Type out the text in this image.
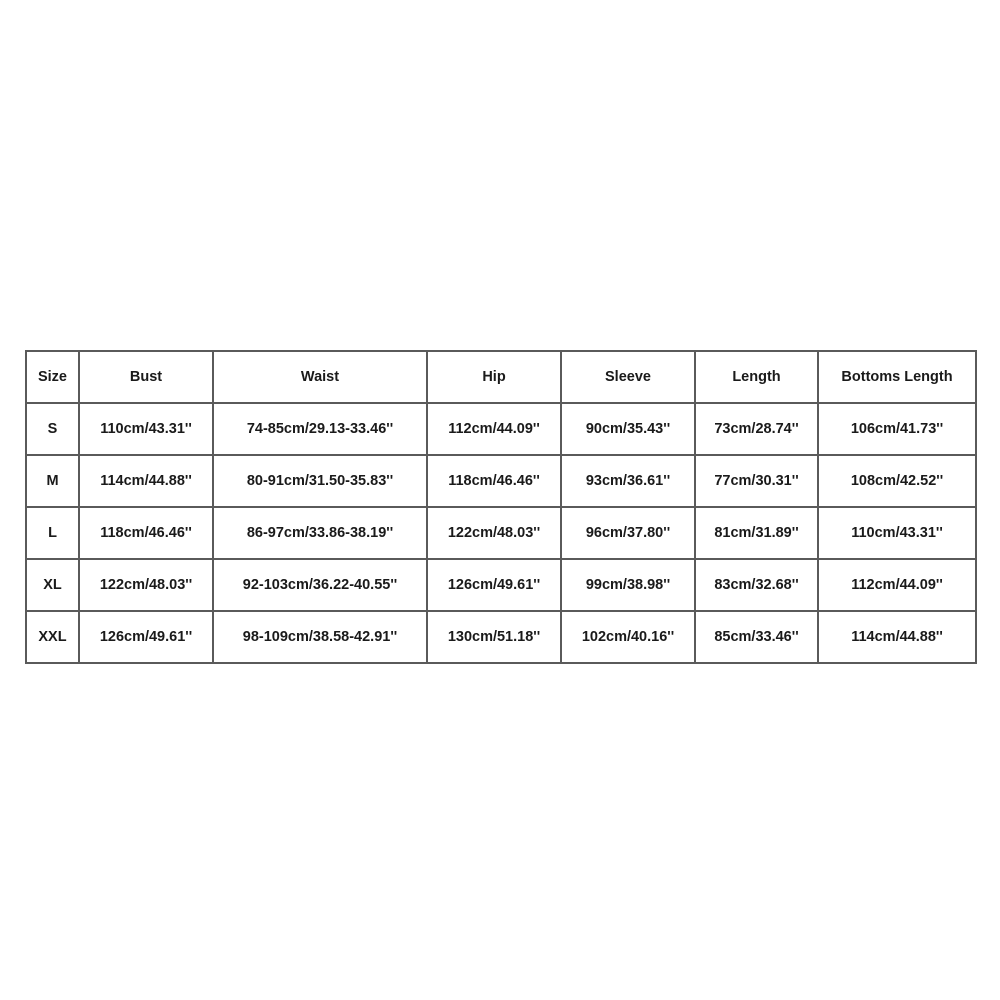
Size	Bust	Waist	Hip	Sleeve	Length	Bottoms Length
S	110cm/43.31''	74-85cm/29.13-33.46''	112cm/44.09''	90cm/35.43''	73cm/28.74''	106cm/41.73''
M	114cm/44.88''	80-91cm/31.50-35.83''	118cm/46.46''	93cm/36.61''	77cm/30.31''	108cm/42.52''
L	118cm/46.46''	86-97cm/33.86-38.19''	122cm/48.03''	96cm/37.80''	81cm/31.89''	110cm/43.31''
XL	122cm/48.03''	92-103cm/36.22-40.55''	126cm/49.61''	99cm/38.98''	83cm/32.68''	112cm/44.09''
XXL	126cm/49.61''	98-109cm/38.58-42.91''	130cm/51.18''	102cm/40.16''	85cm/33.46''	114cm/44.88''
